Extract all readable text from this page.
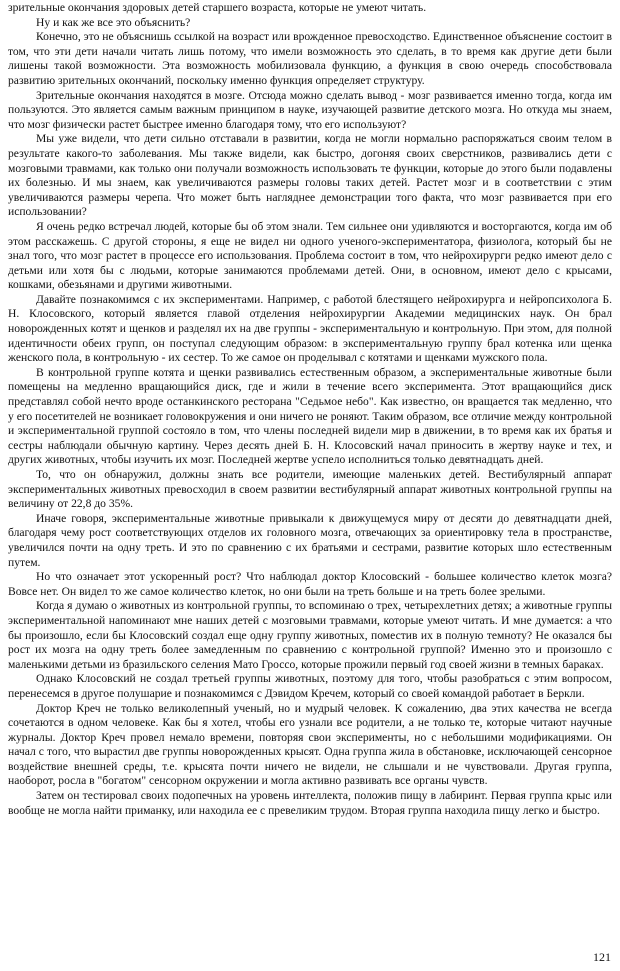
зрительные окончания здоровых детей старшего возраста, которые не умеют читать.

Ну и как же все это объяснить?

Конечно, это не объяснишь ссылкой на возраст или врожденное превосходство. Единственное объяснение состоит в том, что эти дети начали читать лишь потому, что имели возможность это сделать, в то время как другие дети были лишены такой возможности. Эта возможность мобилизовала функцию, а функция в свою очередь способствовала развитию зрительных окончаний, поскольку именно функция определяет структуру.

Зрительные окончания находятся в мозге. Отсюда можно сделать вывод - мозг развивается именно тогда, когда им пользуются. Это является самым важным принципом в науке, изучающей развитие детского мозга. Но откуда мы знаем, что мозг физически растет быстрее именно благодаря тому, что его используют?

Мы уже видели, что дети сильно отставали в развитии, когда не могли нормально распоряжаться своим телом в результате какого-то заболевания. Мы также видели, как быстро, догоняя своих сверстников, развивались дети с мозговыми травмами, как только они получали возможность использовать те функции, которые до этого были подавлены их болезнью. И мы знаем, как увеличиваются размеры головы таких детей. Растет мозг и в соответствии с этим увеличиваются размеры черепа. Что может быть нагляднее демонстрации того факта, что мозг развивается при его использовании?

Я очень редко встречал людей, которые бы об этом знали. Тем сильнее они удивляются и восторгаются, когда им об этом расскажешь. С другой стороны, я еще не видел ни одного ученого-экспериментатора, физиолога, который бы не знал того, что мозг растет в процессе его использования. Проблема состоит в том, что нейрохирурги редко имеют дело с детьми или хотя бы с людьми, которые занимаются проблемами детей. Они, в основном, имеют дело с крысами, кошками, обезьянами и другими животными.

Давайте познакомимся с их экспериментами. Например, с работой блестящего нейрохирурга и нейропсихолога Б. Н. Клосовского, который является главой отделения нейрохирургии Академии медицинских наук. Он брал новорожденных котят и щенков и разделял их на две группы - экспериментальную и контрольную. При этом, для полной идентичности обеих групп, он поступал следующим образом: в экспериментальную группу брал котенка или щенка женского пола, в контрольную - их сестер. То же самое он проделывал с котятами и щенками мужского пола.

В контрольной группе котята и щенки развивались естественным образом, а экспериментальные животные были помещены на медленно вращающийся диск, где и жили в течение всего эксперимента. Этот вращающийся диск представлял собой нечто вроде останкинского ресторана "Седьмое небо". Как известно, он вращается так медленно, что у его посетителей не возникает головокружения и они ничего не роняют. Таким образом, все отличие между контрольной и экспериментальной группой состояло в том, что члены последней видели мир в движении, в то время как их братья и сестры наблюдали обычную картину. Через десять дней Б. Н. Клосовский начал приносить в жертву науке и тех, и других животных, чтобы изучить их мозг. Последней жертве успело исполниться только девятнадцать дней.

То, что он обнаружил, должны знать все родители, имеющие маленьких детей. Вестибулярный аппарат экспериментальных животных превосходил в своем развитии вестибулярный аппарат животных контрольной группы на величину от 22,8 до 35%.

Иначе говоря, экспериментальные животные привыкали к движущемуся миру от десяти до девятнадцати дней, благодаря чему рост соответствующих отделов их головного мозга, отвечающих за ориентировку тела в пространстве, увеличился почти на одну треть. И это по сравнению с их братьями и сестрами, развитие которых шло естественным путем.

Но что означает этот ускоренный рост? Что наблюдал доктор Клосовский - большее количество клеток мозга? Вовсе нет. Он видел то же самое количество клеток, но они были на треть больше и на треть более зрелыми.

Когда я думаю о животных из контрольной группы, то вспоминаю о трех, четырехлетних детях; а животные группы экспериментальной напоминают мне наших детей с мозговыми травмами, которые умеют читать. И мне думается: а что бы произошло, если бы Клосовский создал еще одну группу животных, поместив их в полную темноту? Не оказался бы рост их мозга на одну треть более замедленным по сравнению с контрольной группой? Именно это и произошло с маленькими детьми из бразильского селения Мато Гроссо, которые прожили первый год своей жизни в темных бараках.

Однако Клосовский не создал третьей группы животных, поэтому для того, чтобы разобраться с этим вопросом, перенесемся в другое полушарие и познакомимся с Дэвидом Кречем, который со своей командой работает в Беркли.

Доктор Креч не только великолепный ученый, но и мудрый человек. К сожалению, два этих качества не всегда сочетаются в одном человеке. Как бы я хотел, чтобы его узнали все родители, а не только те, которые читают научные журналы. Доктор Креч провел немало времени, повторяя свои эксперименты, но с небольшими модификациями. Он начал с того, что вырастил две группы новорожденных крысят. Одна группа жила в обстановке, исключающей сенсорное воздействие внешней среды, т.е. крысята почти ничего не видели, не слышали и не чувствовали. Другая группа, наоборот, росла в "богатом" сенсорном окружении и могла активно развивать все органы чувств.

Затем он тестировал своих подопечных на уровень интеллекта, положив пищу в лабиринт. Первая группа крыс или вообще не могла найти приманку, или находила ее с превеликим трудом. Вторая группа находила пищу легко и быстро.

121
